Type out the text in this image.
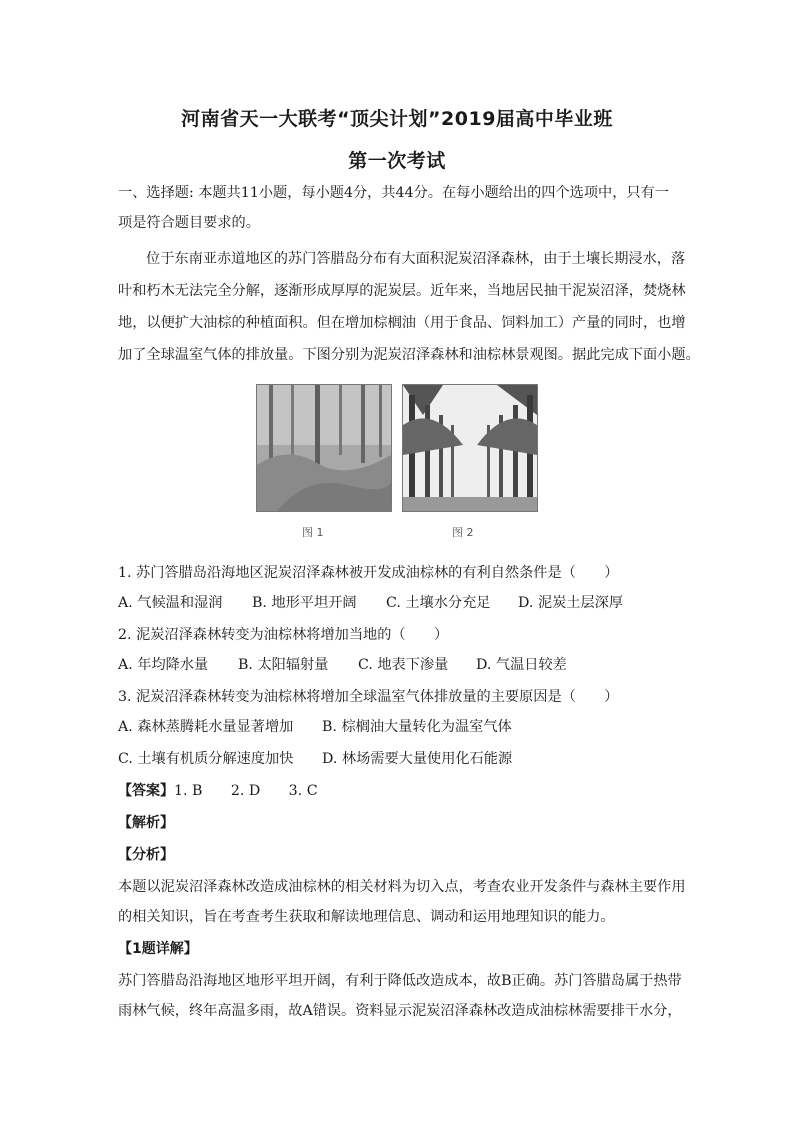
河南省天一大联考“顶尖计划”2019届高中毕业班
第一次考试
一、选择题: 本题共11小题，每小题4分，共44分。在每小题给出的四个选项中，只有一
项是符合题目要求的。
位于东南亚赤道地区的苏门答腊岛分布有大面积泥炭沼泽森林，由于土壤长期浸水，落
叶和朽木无法完全分解，逐渐形成厚厚的泥炭层。近年来，当地居民抽干泥炭沼泽，焚烧林
地，以便扩大油棕的种植面积。但在增加棕榈油（用于食品、饲料加工）产量的同时，也增
加了全球温室气体的排放量。下图分别为泥炭沼泽森林和油棕林景观图。据此完成下面小题。
图 1	图 2
1. 苏门答腊岛沿海地区泥炭沼泽森林被开发成油棕林的有利自然条件是（　　）
A. 气候温和湿润 B. 地形平坦开阔 C. 土壤水分充足 D. 泥炭土层深厚
2. 泥炭沼泽森林转变为油棕林将增加当地的（　　）
A. 年均降水量 B. 太阳辐射量 C. 地表下渗量 D. 气温日较差
3. 泥炭沼泽森林转变为油棕林将增加全球温室气体排放量的主要原因是（　　）
A. 森林蒸腾耗水量显著增加 B. 棕榈油大量转化为温室气体
C. 土壤有机质分解速度加快 D. 林场需要大量使用化石能源
【答案】1. B　　2. D　　3. C
【解析】
【分析】
本题以泥炭沼泽森林改造成油棕林的相关材料为切入点，考查农业开发条件与森林主要作用
的相关知识，旨在考查考生获取和解读地理信息、调动和运用地理知识的能力。
【1题详解】
苏门答腊岛沿海地区地形平坦开阔，有利于降低改造成本，故B正确。苏门答腊岛属于热带
雨林气候，终年高温多雨，故A错误。资料显示泥炭沼泽森林改造成油棕林需要排干水分，
